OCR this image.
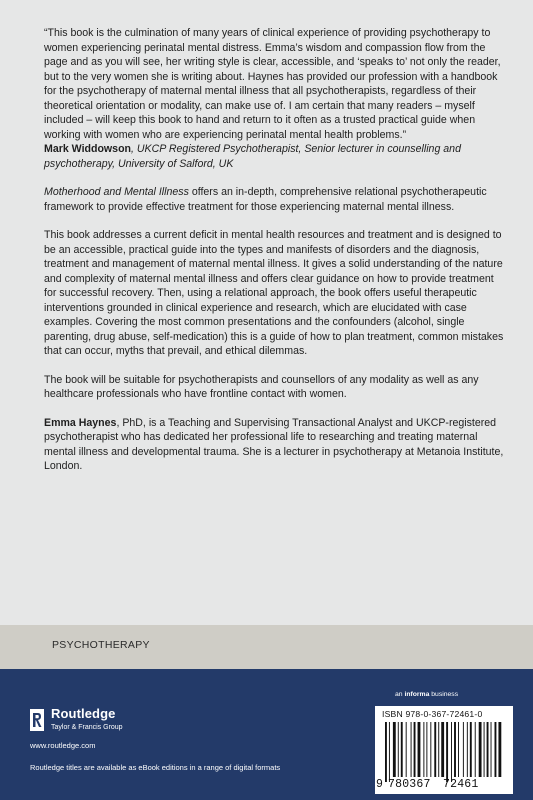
“This book is the culmination of many years of clinical experience of providing psychotherapy to women experiencing perinatal mental distress. Emma’s wisdom and compassion flow from the page and as you will see, her writing style is clear, accessible, and ‘speaks to’ not only the reader, but to the very women she is writing about. Haynes has provided our profession with a handbook for the psychotherapy of maternal mental illness that all psychotherapists, regardless of their theoretical orientation or modality, can make use of. I am certain that many readers – myself included – will keep this book to hand and return to it often as a trusted practical guide when working with women who are experiencing perinatal mental health problems.”
Mark Widdowson, UKCP Registered Psychotherapist, Senior lecturer in counselling and psychotherapy, University of Salford, UK

Motherhood and Mental Illness offers an in-depth, comprehensive relational psychotherapeutic framework to provide effective treatment for those experiencing maternal mental illness.

This book addresses a current deficit in mental health resources and treatment and is designed to be an accessible, practical guide into the types and manifests of disorders and the diagnosis, treatment and management of maternal mental illness. It gives a solid understanding of the nature and complexity of maternal mental illness and offers clear guidance on how to provide treatment for successful recovery. Then, using a relational approach, the book offers useful therapeutic interventions grounded in clinical experience and research, which are elucidated with case examples. Covering the most common presentations and the confounders (alcohol, single parenting, drug abuse, self-medication) this is a guide of how to plan treatment, common mistakes that can occur, myths that prevail, and ethical dilemmas.

The book will be suitable for psychotherapists and counsellors of any modality as well as any healthcare professionals who have frontline contact with women.

Emma Haynes, PhD, is a Teaching and Supervising Transactional Analyst and UKCP-registered psychotherapist who has dedicated her professional life to researching and treating maternal mental illness and developmental trauma. She is a lecturer in psychotherapy at Metanoia Institute, London.

PSYCHOTHERAPY
Routledge
Taylor & Francis Group
www.routledge.com
Routledge titles are available as eBook editions in a range of digital formats
an informa business
ISBN 978-0-367-72461-0
9 780367 72461
